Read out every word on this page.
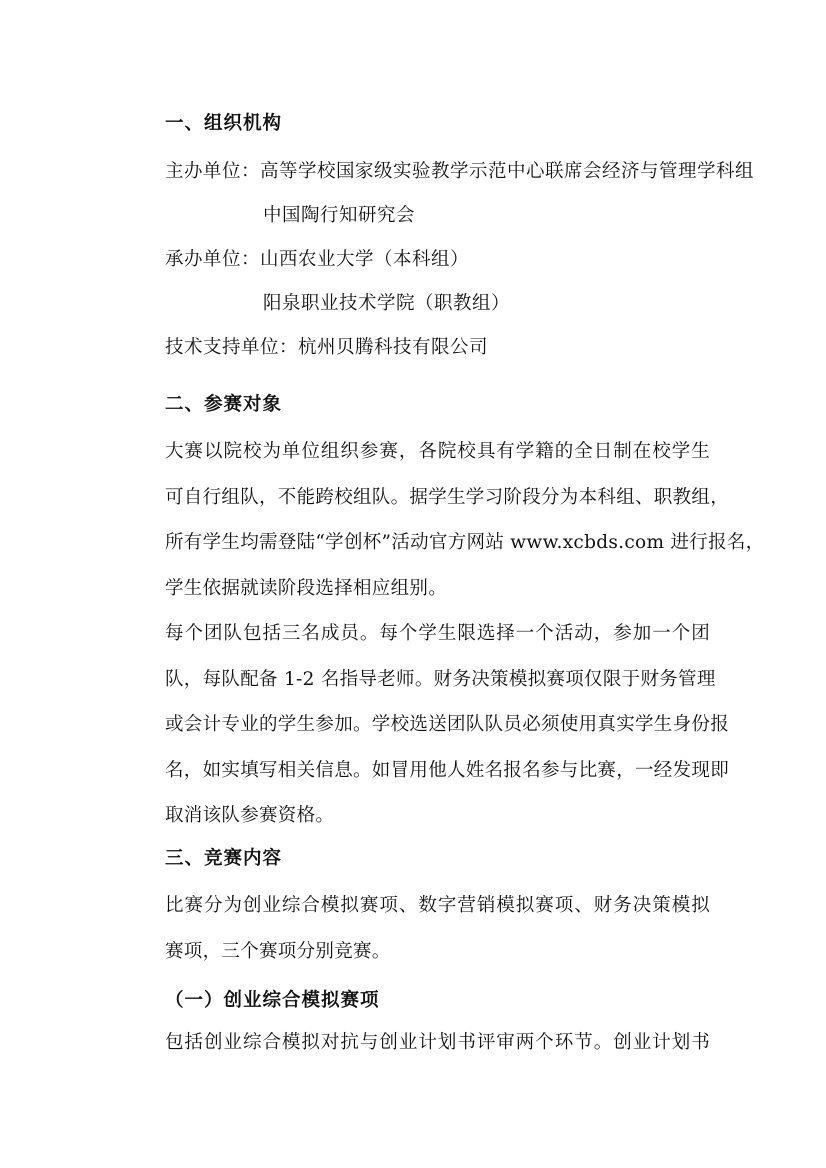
一、组织机构
主办单位：高等学校国家级实验教学示范中心联席会经济与管理学科组
中国陶行知研究会
承办单位：山西农业大学（本科组）
阳泉职业技术学院（职教组）
技术支持单位：杭州贝腾科技有限公司
二、参赛对象
大赛以院校为单位组织参赛，各院校具有学籍的全日制在校学生
可自行组队，不能跨校组队。据学生学习阶段分为本科组、职教组，
所有学生均需登陆“学创杯”活动官方网站 www.xcbds.com 进行报名，
学生依据就读阶段选择相应组别。
每个团队包括三名成员。每个学生限选择一个活动，参加一个团
队，每队配备 1-2 名指导老师。财务决策模拟赛项仅限于财务管理
或会计专业的学生参加。学校选送团队队员必须使用真实学生身份报
名，如实填写相关信息。如冒用他人姓名报名参与比赛，一经发现即
取消该队参赛资格。
三、竞赛内容
比赛分为创业综合模拟赛项、数字营销模拟赛项、财务决策模拟
赛项，三个赛项分别竞赛。
（一）创业综合模拟赛项
包括创业综合模拟对抗与创业计划书评审两个环节。创业计划书
